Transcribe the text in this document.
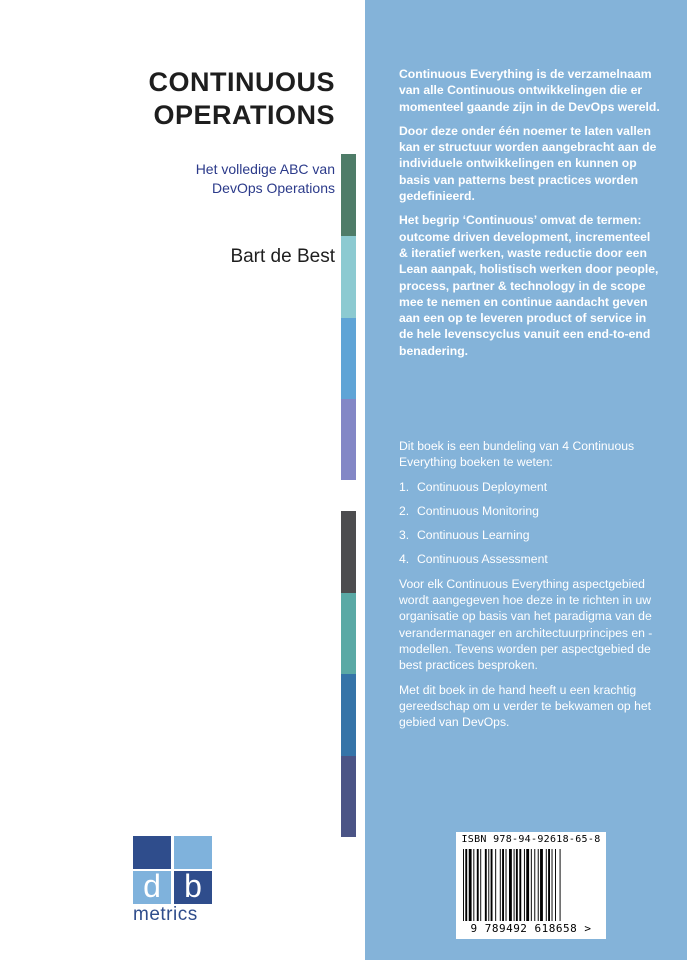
CONTINUOUS
OPERATIONS
Het volledige ABC van
DevOps Operations
Bart de Best
d b
metrics

Continuous Everything is de verzamelnaam van alle Continuous ontwikkelingen die er momenteel gaande zijn in de DevOps wereld.

Door deze onder één noemer te laten vallen kan er structuur worden aangebracht aan de individuele ontwikkelingen en kunnen op basis van patterns best practices worden gedefinieerd.

Het begrip ‘Continuous’ omvat de termen: outcome driven development, incrementeel & iteratief werken, waste reductie door een Lean aanpak, holistisch werken door people, process, partner & technology in de scope mee te nemen en continue aandacht geven aan een op te leveren product of service in de hele levenscyclus vanuit een end-to-end benadering.

Dit boek is een bundeling van 4 Continuous Everything boeken te weten:

1. Continuous Deployment
2. Continuous Monitoring
3. Continuous Learning
4. Continuous Assessment

Voor elk Continuous Everything aspectgebied wordt aangegeven hoe deze in te richten in uw organisatie op basis van het paradigma van de verandermanager en architectuurprincipes en -modellen. Tevens worden per aspectgebied de best practices besproken.

Met dit boek in de hand heeft u een krachtig gereedschap om u verder te bekwamen op het gebied van DevOps.

ISBN 978-94-92618-65-8
9 789492 618658 >
